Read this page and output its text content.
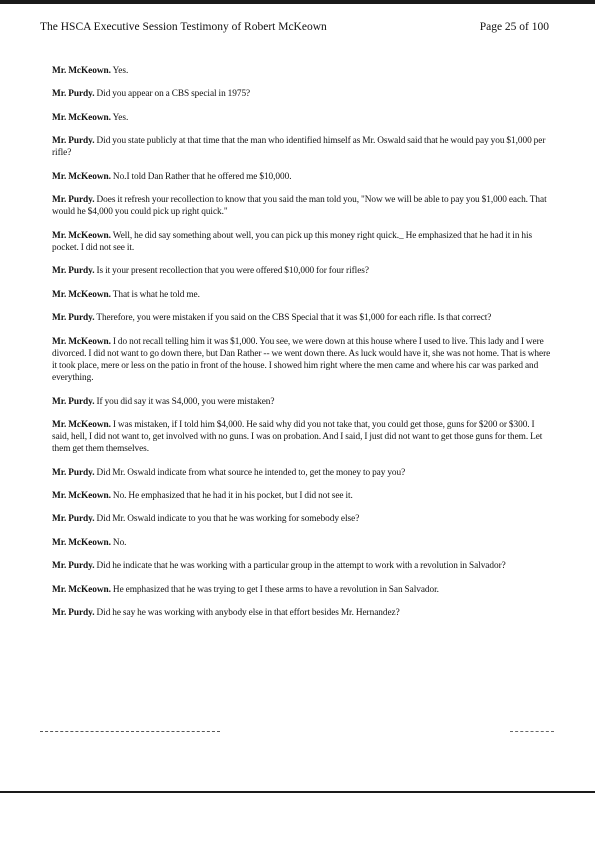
The HSCA Executive Session Testimony of Robert McKeown	Page 25 of 100

Mr. McKeown. Yes.

Mr. Purdy. Did you appear on a CBS special in 1975?

Mr. McKeown. Yes.

Mr. Purdy. Did you state publicly at that time that the man who identified himself as Mr. Oswald said that he would pay you $1,000 per rifle?

Mr. McKeown. No.I told Dan Rather that he offered me $10,000.

Mr. Purdy. Does it refresh your recollection to know that you said the man told you, "Now we will be able to pay you $1,000 each. That would he $4,000 you could pick up right quick."

Mr. McKeown. Well, he did say something about well, you can pick up this money right quick._ He emphasized that he had it in his pocket. I did not see it.

Mr. Purdy. Is it your present recollection that you were offered $10,000 for four rifles?

Mr. McKeown. That is what he told me.

Mr. Purdy. Therefore, you were mistaken if you said on the CBS Special that it was $1,000 for each rifle. Is that correct?

Mr. McKeown. I do not recall telling him it was $1,000. You see, we were down at this house where I used to live. This lady and I were divorced. I did not want to go down there, but Dan Rather -- we went down there. As luck would have it, she was not home. That is where it took place, mere or less on the patio in front of the house. I showed him right where the men came and where his car was parked and everything.

Mr. Purdy. If you did say it was S4,000, you were mistaken?

Mr. McKeown. I was mistaken, if I told him $4,000. He said why did you not take that, you could get those, guns for $200 or $300. I said, hell, I did not want to, get involved with no guns. I was on probation. And I said, I just did not want to get those guns for them. Let them get them themselves.

Mr. Purdy. Did Mr. Oswald indicate from what source he intended to, get the money to pay you?

Mr. McKeown. No. He emphasized that he had it in his pocket, but I did not see it.

Mr. Purdy. Did Mr. Oswald indicate to you that he was working for somebody else?

Mr. McKeown. No.

Mr. Purdy. Did he indicate that he was working with a particular group in the attempt to work with a revolution in Salvador?

Mr. McKeown. He emphasized that he was trying to get I these arms to have a revolution in San Salvador.

Mr. Purdy. Did he say he was working with anybody else in that effort besides Mr. Hernandez?
